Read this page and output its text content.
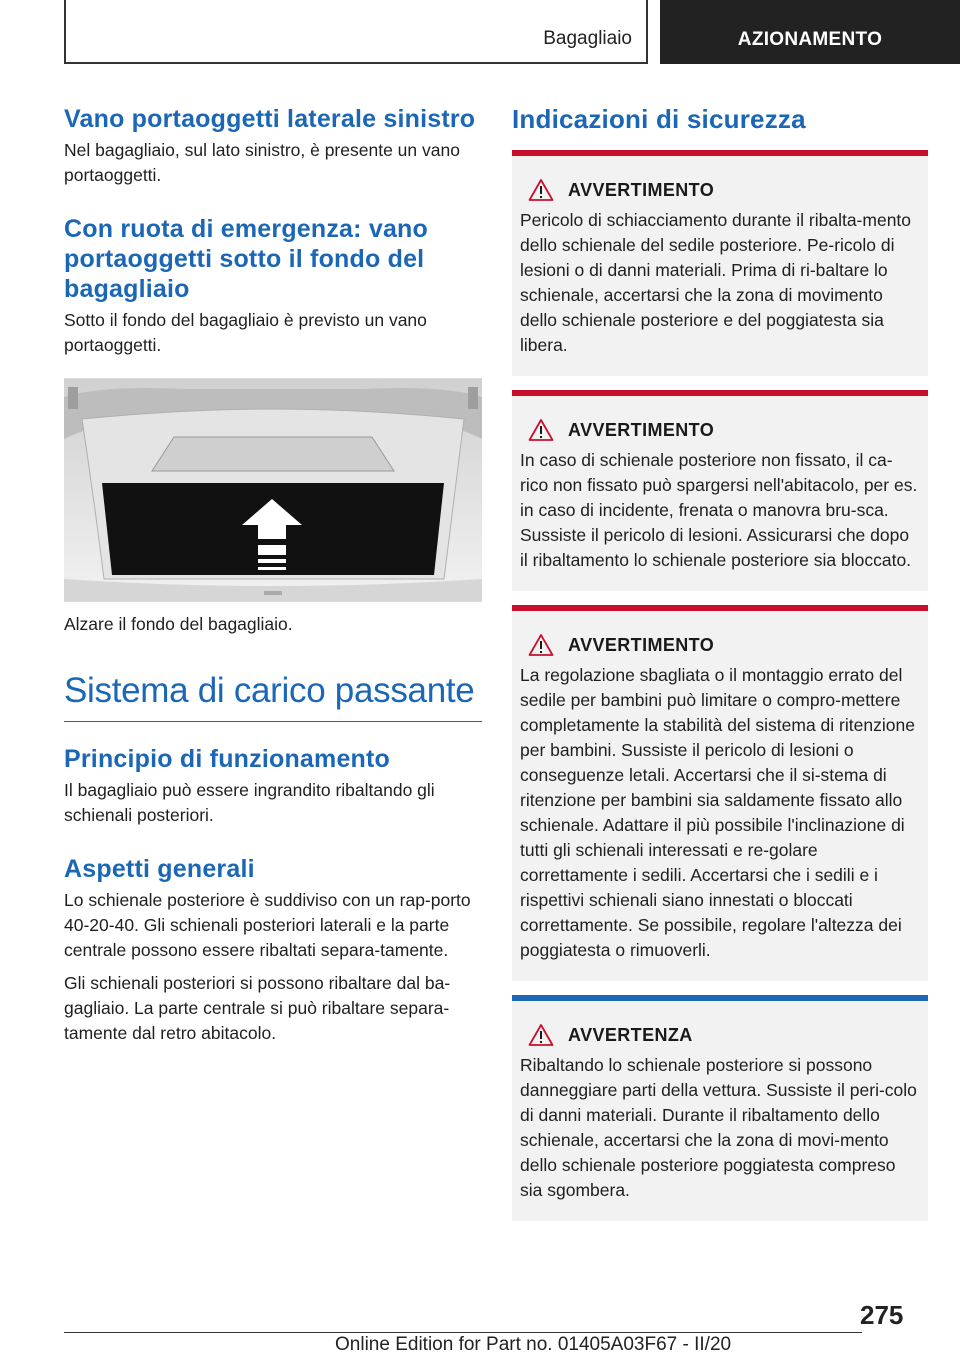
Bagagliaio	AZIONAMENTO
Vano portaoggetti laterale sinistro

Nel bagagliaio, sul lato sinistro, è presente un vano portaoggetti.

Con ruota di emergenza: vano portaoggetti sotto il fondo del bagagliaio

Sotto il fondo del bagagliaio è previsto un vano portaoggetti.

Alzare il fondo del bagagliaio.

Sistema di carico passante
Principio di funzionamento

Il bagagliaio può essere ingrandito ribaltando gli schienali posteriori.

Aspetti generali

Lo schienale posteriore è suddiviso con un rap-porto 40-20-40. Gli schienali posteriori laterali e la parte centrale possono essere ribaltati separa-tamente.

Gli schienali posteriori si possono ribaltare dal ba-gagliaio. La parte centrale si può ribaltare separa-tamente dal retro abitacolo.

Indicazioni di sicurezza
AVVERTIMENTO

Pericolo di schiacciamento durante il ribalta-mento dello schienale del sedile posteriore. Pe-ricolo di lesioni o di danni materiali. Prima di ri-baltare lo schienale, accertarsi che la zona di movimento dello schienale posteriore e del poggiatesta sia libera.

AVVERTIMENTO

In caso di schienale posteriore non fissato, il ca-rico non fissato può spargersi nell'abitacolo, per es. in caso di incidente, frenata o manovra bru-sca. Sussiste il pericolo di lesioni. Assicurarsi che dopo il ribaltamento lo schienale posteriore sia bloccato.

AVVERTIMENTO

La regolazione sbagliata o il montaggio errato del sedile per bambini può limitare o compro-mettere completamente la stabilità del sistema di ritenzione per bambini. Sussiste il pericolo di lesioni o conseguenze letali. Accertarsi che il si-stema di ritenzione per bambini sia saldamente fissato allo schienale. Adattare il più possibile l'inclinazione di tutti gli schienali interessati e re-golare correttamente i sedili. Accertarsi che i sedili e i rispettivi schienali siano innestati o bloccati correttamente. Se possibile, regolare l'altezza dei poggiatesta o rimuoverli.

AVVERTENZA

Ribaltando lo schienale posteriore si possono danneggiare parti della vettura. Sussiste il peri-colo di danni materiali. Durante il ribaltamento dello schienale, accertarsi che la zona di movi-mento dello schienale posteriore poggiatesta compreso sia sgombera.

275
Online Edition for Part no. 01405A03F67 - II/20
